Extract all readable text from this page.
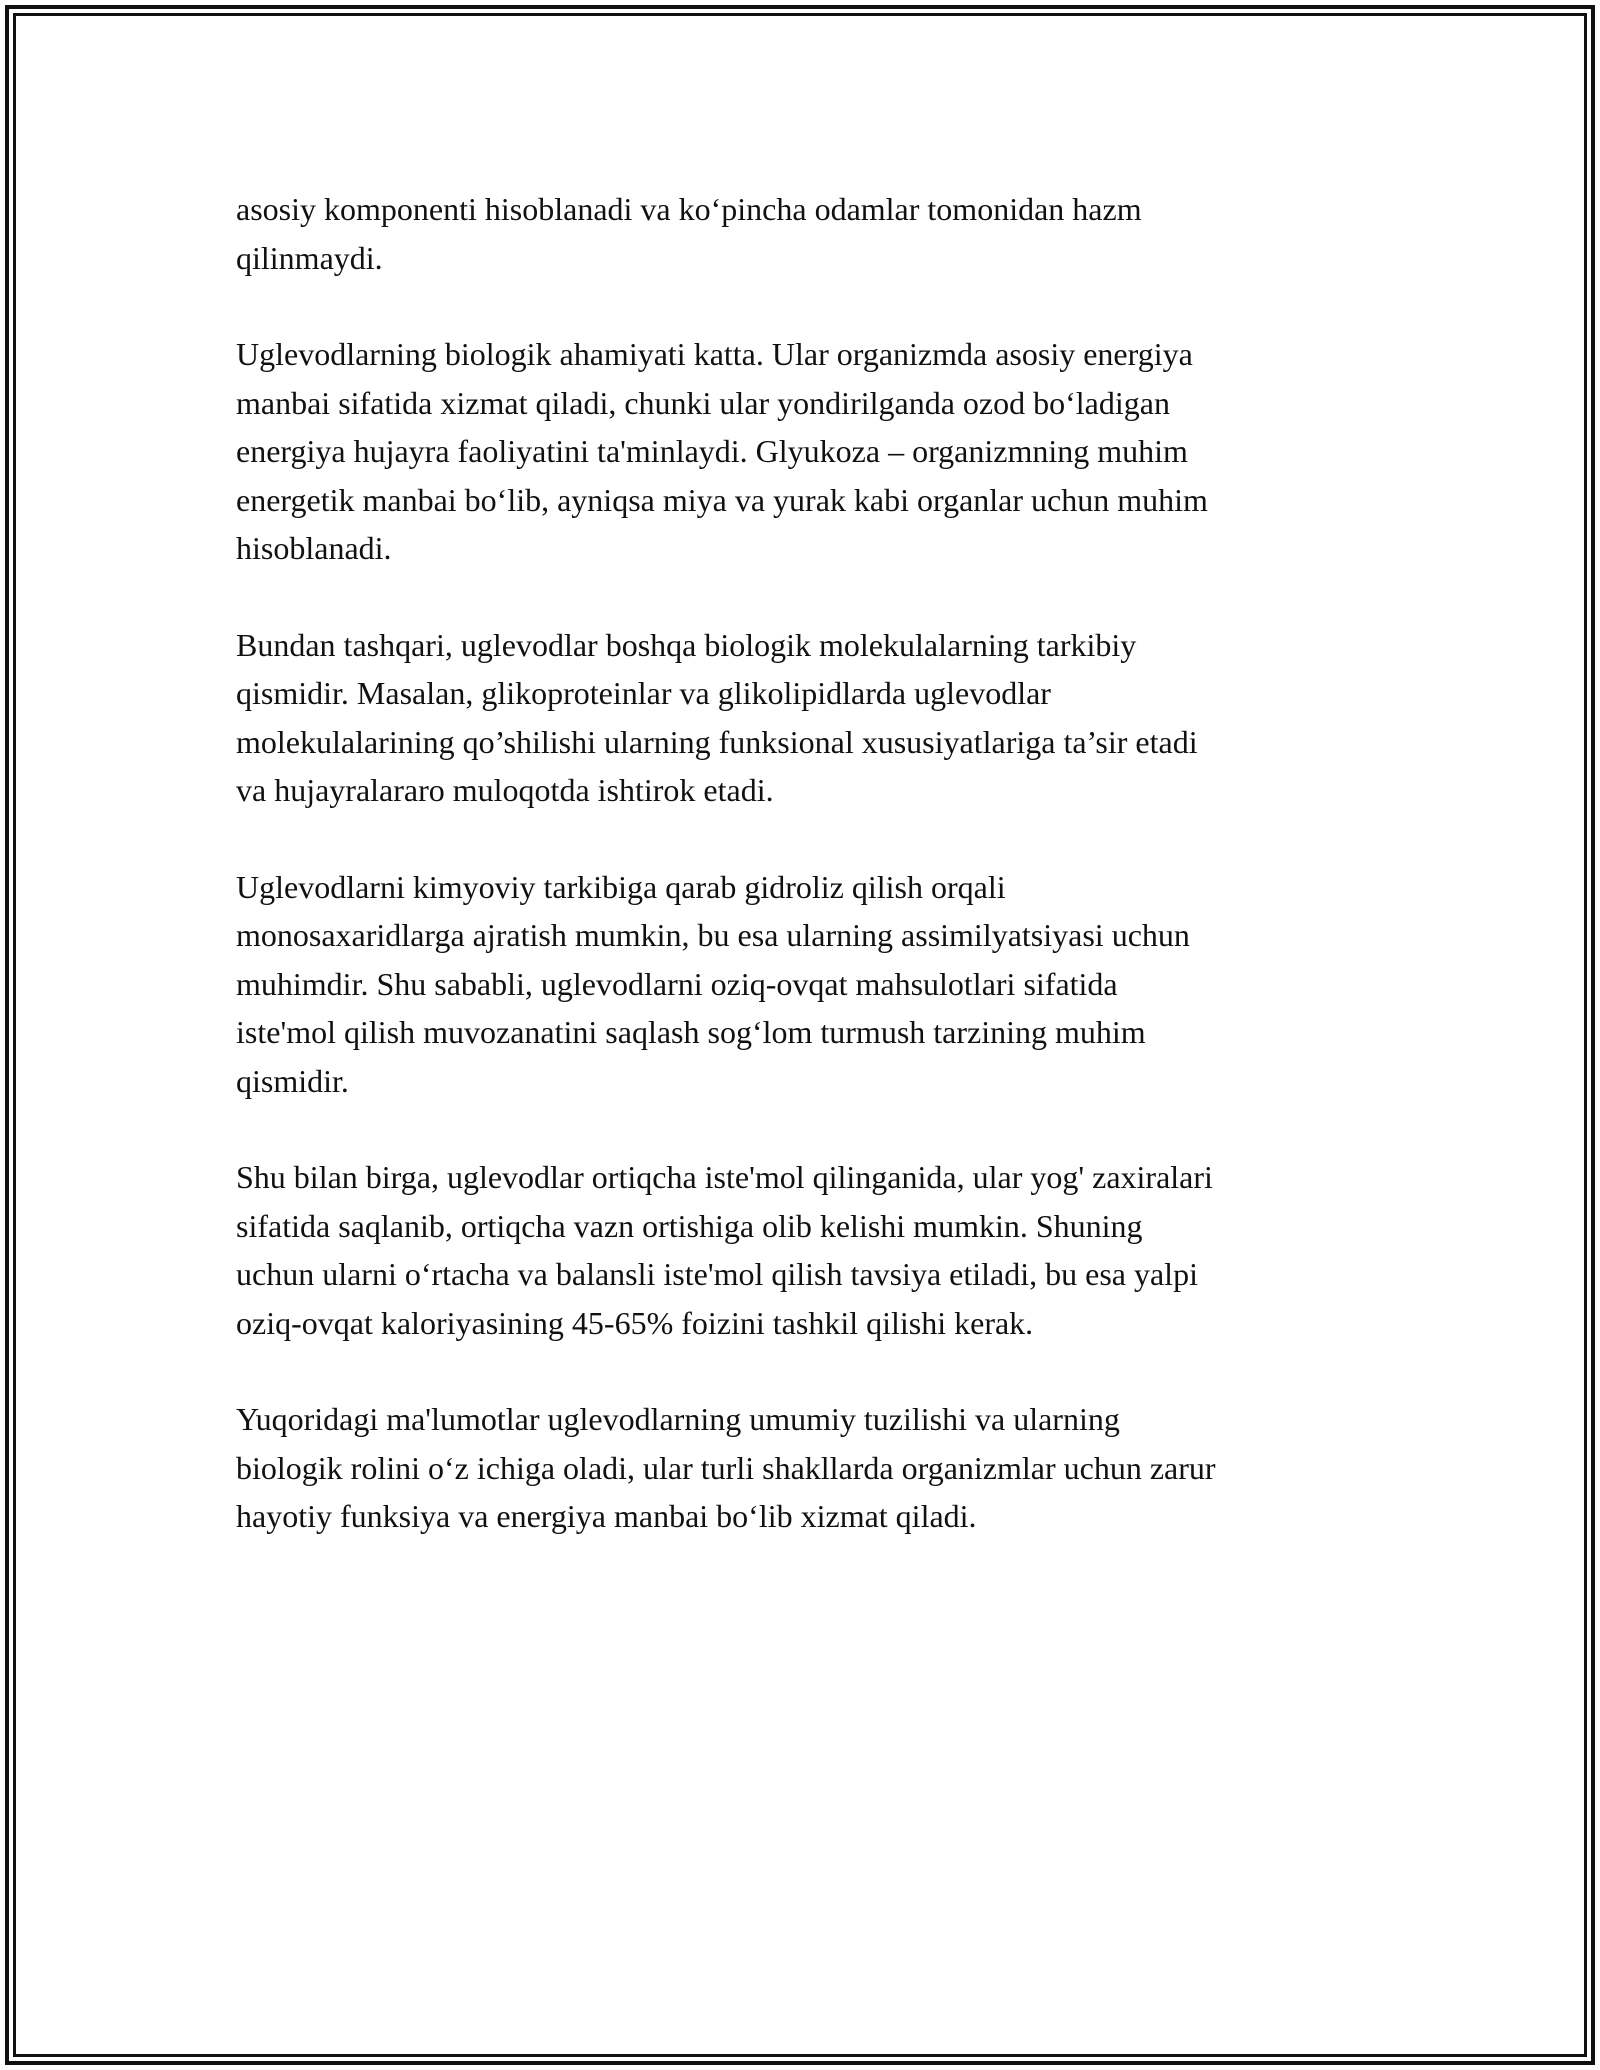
asosiy komponenti hisoblanadi va ko‘pincha odamlar tomonidan hazm
qilinmaydi.

Uglevodlarning biologik ahamiyati katta. Ular organizmda asosiy energiya
manbai sifatida xizmat qiladi, chunki ular yondirilganda ozod bo‘ladigan
energiya hujayra faoliyatini ta'minlaydi. Glyukoza – organizmning muhim
energetik manbai bo‘lib, ayniqsa miya va yurak kabi organlar uchun muhim
hisoblanadi.

Bundan tashqari, uglevodlar boshqa biologik molekulalarning tarkibiy
qismidir. Masalan, glikoproteinlar va glikolipidlarda uglevodlar
molekulalarining qo’shilishi ularning funksional xususiyatlariga ta’sir etadi
va hujayralararo muloqotda ishtirok etadi.

Uglevodlarni kimyoviy tarkibiga qarab gidroliz qilish orqali
monosaxaridlarga ajratish mumkin, bu esa ularning assimilyatsiyasi uchun
muhimdir. Shu sababli, uglevodlarni oziq-ovqat mahsulotlari sifatida
iste'mol qilish muvozanatini saqlash sog‘lom turmush tarzining muhim
qismidir.

Shu bilan birga, uglevodlar ortiqcha iste'mol qilinganida, ular yog' zaxiralari
sifatida saqlanib, ortiqcha vazn ortishiga olib kelishi mumkin. Shuning
uchun ularni o‘rtacha va balansli iste'mol qilish tavsiya etiladi, bu esa yalpi
oziq-ovqat kaloriyasining 45-65% foizini tashkil qilishi kerak.

Yuqoridagi ma'lumotlar uglevodlarning umumiy tuzilishi va ularning
biologik rolini o‘z ichiga oladi, ular turli shakllarda organizmlar uchun zarur
hayotiy funksiya va energiya manbai bo‘lib xizmat qiladi.
